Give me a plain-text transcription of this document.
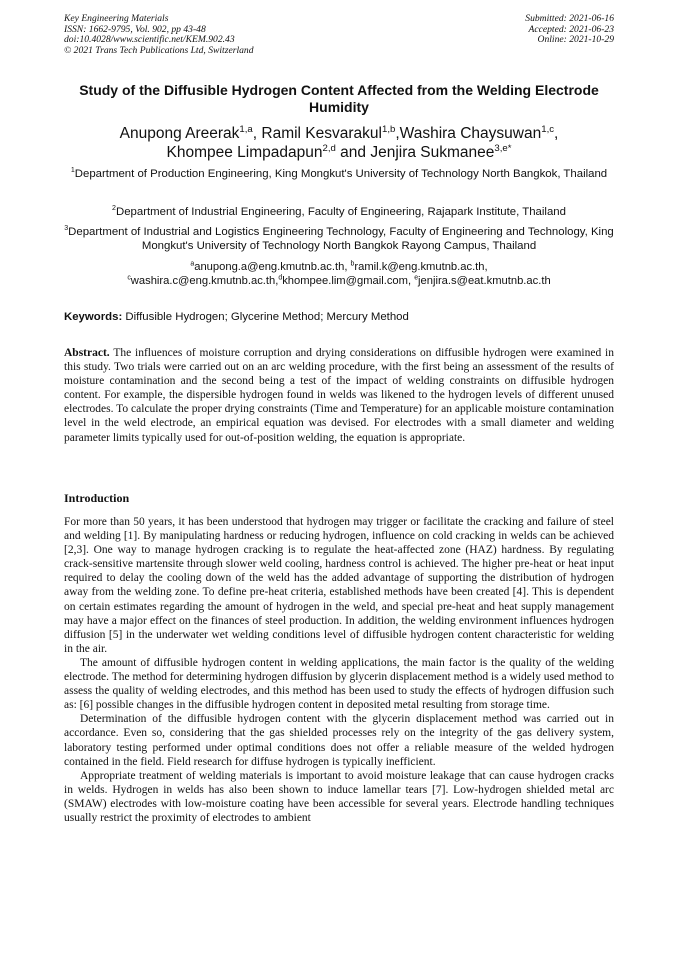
Key Engineering Materials
ISSN: 1662-9795, Vol. 902, pp 43-48
doi:10.4028/www.scientific.net/KEM.902.43
© 2021 Trans Tech Publications Ltd, Switzerland
Submitted: 2021-06-16
Accepted: 2021-06-23
Online: 2021-10-29
Study of the Diffusible Hydrogen Content Affected from the Welding Electrode Humidity
Anupong Areerak$^{1,a}$, Ramil Kesvarakul$^{1,b}$,Washira Chaysuwan$^{1,c}$,
Khompee Limpadapun$^{2,d}$ and Jenjira Sukmanee$^{3,e*}$
$^1$Department of Production Engineering, King Mongkut's University of Technology North Bangkok, Thailand
$^2$Department of Industrial Engineering, Faculty of Engineering, Rajapark Institute, Thailand
$^3$Department of Industrial and Logistics Engineering Technology, Faculty of Engineering and Technology, King Mongkut's University of Technology North Bangkok Rayong Campus, Thailand
$^a$anupong.a@eng.kmutnb.ac.th, $^b$ramil.k@eng.kmutnb.ac.th,
$^c$washira.c@eng.kmutnb.ac.th,$^d$khompee.lim@gmail.com, $^e$jenjira.s@eat.kmutnb.ac.th
Keywords: Diffusible Hydrogen; Glycerine Method; Mercury Method

Abstract. The influences of moisture corruption and drying considerations on diffusible hydrogen were examined in this study. Two trials were carried out on an arc welding procedure, with the first being an assessment of the results of moisture contamination and the second being a test of the impact of welding constraints on diffusible hydrogen content. For example, the dispersible hydrogen found in welds was likened to the hydrogen levels of different unused electrodes. To calculate the proper drying constraints (Time and Temperature) for an applicable moisture contamination level in the weld electrode, an empirical equation was devised. For electrodes with a small diameter and welding parameter limits typically used for out-of-position welding, the equation is appropriate.

Introduction

For more than 50 years, it has been understood that hydrogen may trigger or facilitate the cracking and failure of steel and welding [1]. By manipulating hardness or reducing hydrogen, influence on cold cracking in welds can be achieved [2,3]. One way to manage hydrogen cracking is to regulate the heat-affected zone (HAZ) hardness. By regulating crack-sensitive martensite through slower weld cooling, hardness control is achieved. The higher pre-heat or heat input required to delay the cooling down of the weld has the added advantage of supporting the distribution of hydrogen away from the welding zone. To define pre-heat criteria, established methods have been created [4]. This is dependent on certain estimates regarding the amount of hydrogen in the weld, and special pre-heat and heat supply management may have a major effect on the finances of steel production. In addition, the welding environment influences hydrogen diffusion [5] in the underwater wet welding conditions level of diffusible hydrogen content characteristic for welding in the air.

The amount of diffusible hydrogen content in welding applications, the main factor is the quality of the welding electrode. The method for determining hydrogen diffusion by glycerin displacement method is a widely used method to assess the quality of welding electrodes, and this method has been used to study the effects of hydrogen diffusion such as: [6] possible changes in the diffusible hydrogen content in deposited metal resulting from storage time.

Determination of the diffusible hydrogen content with the glycerin displacement method was carried out in accordance. Even so, considering that the gas shielded processes rely on the integrity of the gas delivery system, laboratory testing performed under optimal conditions does not offer a reliable measure of the welded hydrogen contained in the field. Field research for diffuse hydrogen is typically inefficient.

Appropriate treatment of welding materials is important to avoid moisture leakage that can cause hydrogen cracks in welds. Hydrogen in welds has also been shown to induce lamellar tears [7]. Low-hydrogen shielded metal arc (SMAW) electrodes with low-moisture coating have been accessible for several years. Electrode handling techniques usually restrict the proximity of electrodes to ambient
